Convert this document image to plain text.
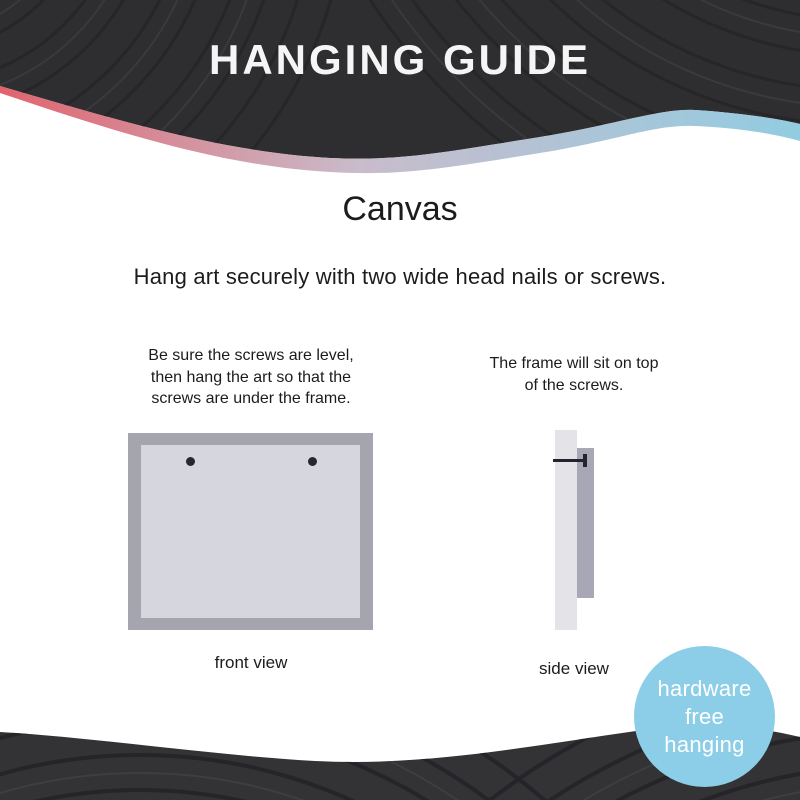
HANGING GUIDE
Canvas
Hang art securely with two wide head nails or screws.
Be sure the screws are level,
then hang the art so that the
screws are under the frame.
The frame will sit on top
of the screws.
front view	side view
hardware
free
hanging
